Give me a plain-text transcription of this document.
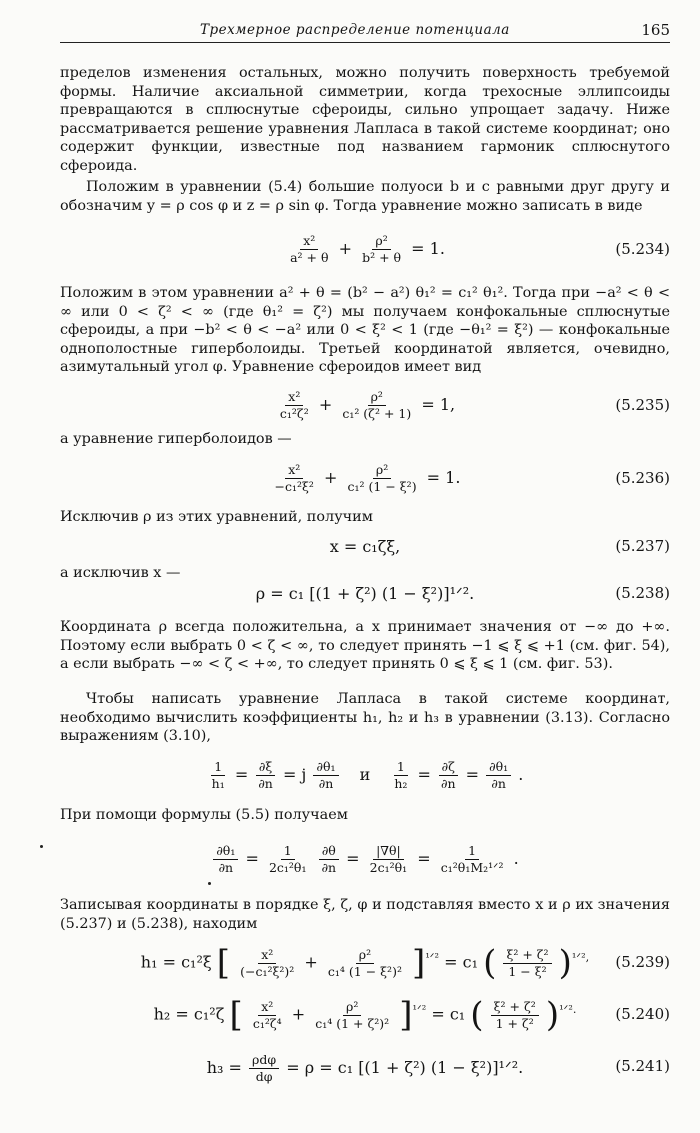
Трехмерное распределение потенциала	165
пределов изменения остальных, можно получить поверхность требуемой формы. Наличие аксиальной симметрии, когда трехосные эллипсоиды превращаются в сплюснутые сфероиды, сильно упрощает задачу. Ниже рассматривается решение уравнения Лапласа в такой системе координат; оно содержит функции, известные под названием гармоник сплюснутого сфероида.
Положим в уравнении (5.4) большие полуоси b и c равными друг другу и обозначим y = ρ cos φ и z = ρ sin φ. Тогда уравнение можно записать в виде
$\frac{\text{x²}}{\text{a² + θ}} + \frac{\text{ρ²}}{\text{b² + θ}} = 1$.	(5.234)
Положим в этом уравнении a² + θ = (b² − a²) θ₁² = c₁² θ₁². Тогда при −a² < θ < ∞ или 0 < ζ² < ∞ (где θ₁² = ζ²) мы получаем конфокальные сплюснутые сфероиды, а при −b² < θ < −a² или 0 < ξ² < 1 (где −θ₁² = ξ²) — конфокальные однополостные гиперболоиды. Третьей координатой является, очевидно, азимутальный угол φ. Уравнение сфероидов имеет вид
$\frac{\text{x²}}{\text{c₁²ζ²}} + \frac{\text{ρ²}}{\text{c₁² (ζ² + 1)}} = 1$,	(5.235)
а уравнение гиперболоидов —
$\frac{\text{x²}}{\text{−c₁²ξ²}} + \frac{\text{ρ²}}{\text{c₁² (1 − ξ²)}} = 1$.	(5.236)
Исключив ρ из этих уравнений, получим
x = c₁ζξ,	(5.237)
а исключив x —
ρ = c₁ [(1 + ζ²) (1 − ξ²)]¹ᐟ².	(5.238)
Координата ρ всегда положительна, а x принимает значения от −∞ до +∞. Поэтому если выбрать 0 < ζ < ∞, то следует принять −1 ⩽ ξ ⩽ +1 (см. фиг. 54), а если выбрать −∞ < ζ < +∞, то следует принять 0 ⩽ ξ ⩽ 1 (см. фиг. 53).
Чтобы написать уравнение Лапласа в такой системе координат, необходимо вычислить коэффициенты h₁, h₂ и h₃ в уравнении (3.13). Согласно выражениям (3.10),
$\frac{1}{\text{h₁}} = \frac{\partial\xi}{\partial n} = j \frac{\text{∂θ₁}}{\partial n}$ и $\frac{1}{\text{h₂}} = \frac{\partial\zeta}{\partial n} = \frac{\text{∂θ₁}}{\partial n}$ .
При помощи формулы (5.5) получаем
$\frac{\text{∂θ₁}}{\partial n} = \frac{1}{\text{2c₁²θ₁}}$
$\frac{\partial\theta}{\partial n} = \frac{|\nabla\theta|}{\text{2c₁²θ₁}}$ =	1
c₁²θ₁M₂¹ᐟ² .
Записывая координаты в порядке ξ, ζ, φ и подставляя вместо x и ρ их значения (5.237) и (5.238), находим
h₁ = c₁²ξ [ $\frac{\text{x²}}{\text{(−c₁²ξ²)²}} + \frac{\text{ρ²}}{\text{c₁⁴ (1 − ξ²)²}} ]^{^1ᐟ^2} = c_1$ ( $\frac{\text{ξ² + ζ²}}{\text{1 − ξ²}} )^{^1ᐟ^2,}$ (5.239)
h₂ = c₁²ζ [ $\frac{\text{x²}}{\text{c₁²ζ⁴}} + \frac{\text{ρ²}}{\text{c₁⁴ (1 + ζ²)²}} ]^{^1ᐟ^2} = c_1$ ( $\frac{\text{ξ² + ζ²}}{\text{1 + ζ²}} )^{^1ᐟ^2.}$	(5.240)
h₃ = ρdφ
dφ = ρ = c₁ [(1 + ζ²) (1 − ξ²)]¹ᐟ².	(5.241)
